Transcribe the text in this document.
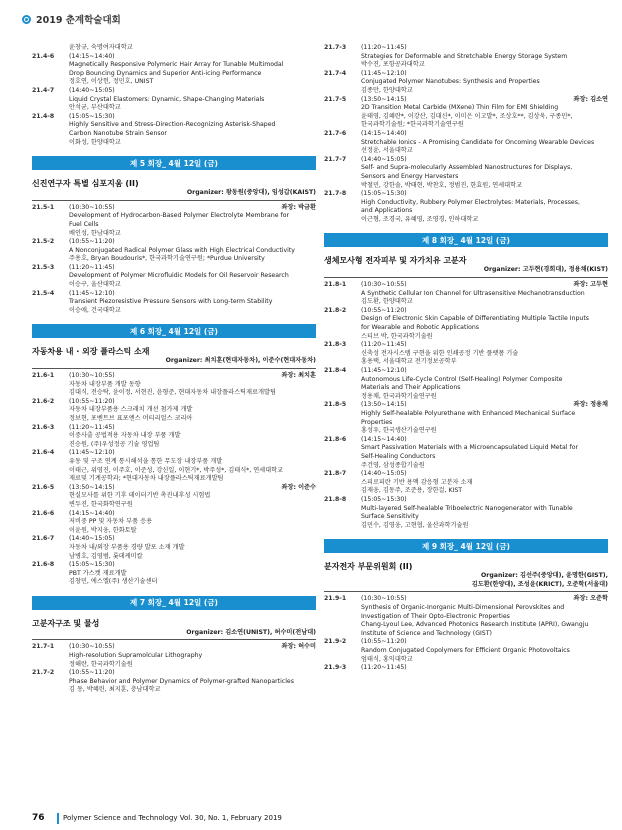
2019 춘계학술대회
윤창규, 숙명여자대학교
21.4-6	(14:15~14:40)
Magnetically Responsive Polymeric Hair Array for Tunable Multimodal
Drop Bouncing Dynamics and Superior Anti-icing Performance
정호연, 이상헌, 정민호, UNIST
21.4-7	(14:40~15:05)
Liquid Crystal Elastomers: Dynamic, Shape-Changing Materials
안석균, 부산대학교
21.4-8	(15:05~15:30)
Highly Sensitive and Stress-Direction-Recognizing Asterisk-Shaped
Carbon Nanotube Strain Sensor
이화성, 한양대학교
제 5 회장_ 4월 12일 (금)
신진연구자 특별 심포지움 (II)
Organizer: 왕동원(중앙대), 임성갑(KAIST)
21.5-1	(10:30~10:55)	좌장: 박금환
Development of Hydrocarbon-Based Polymer Electrolyte Membrane for
Fuel Cells
배인성, 한남대학교
21.5-2	(10:55~11:20)
A Nonconjugated Radical Polymer Glass with High Electrical Conductivity
주용호, Bryan Boudouris*, 한국과학기술연구원; *Purdue University
21.5-3	(11:20~11:45)
Development of Polymer Microfluidic Models for Oil Reservoir Research
이승구, 울산대학교
21.5-4	(11:45~12:10)
Transient Piezoresistive Pressure Sensors with Long-term Stability
이승애, 건국대학교
제 6 회장_ 4월 12일 (금)
자동차용 내 · 외장 플라스틱 소재
Organizer: 최치훈(현대자동차), 이준수(현대자동차)
21.6-1	(10:30~10:55)	좌장: 최치훈
자동차 내장부품 개발 동향
김대식, 전승탁, 윤이정, 서현진, 윤형준, 현대자동차 내장플라스틱재료개발팀
21.6-2	(10:55~11:20)
자동차 내장부품용 스크래치 개선 첨가제 개발
정보현, 포벤트브 표포엔스 머티리얼스 코리아
21.6-3	(11:20~11:45)
이중사출 공법적용 자동차 내장 부품 개발
진승원, (주)우성정공 기술 영업팀
21.6-4	(11:45~12:10)
유동 및 구조 연계 통시해석을 통한 무도장 내장부품 개발
이태근, 위영진, 이주호, 이준성, 강신일, 이현기*, 박주성*, 김태식*, 연세대학교
재료및 기계공학과; *현대자동차 내장플라스틱재료개발팀
21.6-5	(13:50~14:15)	좌장: 이준수
현실모사를 위한 기후 데이터기반 촉진내후성 시험법
변두진, 한국화학연구원
21.6-6	(14:15~14:40)
저비중 PP 및 자동차 부품 응용
이윤원, 박지웅, 한화토탈
21.6-7	(14:40~15:05)
자동차 내/외장 부품용 경량 발포 소재 개발
남병호, 김영범, 롯데케미칼
21.6-8	(15:05~15:30)
PBT 가스켓 재료개발
김창민, 에스엘(주) 생산기술센터
제 7 회장_ 4월 12일 (금)
고분자구조 및 물성
Organizer: 김소연(UNIST), 허수미(전남대)
21.7-1	(10:30~10:55)	좌장: 허수미
High-resolution Supramolcular Lithography
정해란, 한국과학기술원
21.7-2	(10:55~11:20)
Phase Behavior and Polymer Dynamics of Polymer-grafted Nanoparticles
김 동, 박혜린, 최지훈, 충남대학교
21.7-3	(11:20~11:45)
Strategies for Deformable and Stretchable Energy Storage System
박수진, 포항공과대학교
21.7-4	(11:45~12:10)
Conjugated Polymer Nanotubes: Synthesis and Properties
김종만, 한양대학교
21.7-5	(13:50~14:15)	좌장: 김소연
2D Transition Metal Carbide (MXene) Thin Film for EMI Shielding
윤태영, 김혜란*, 이강산, 김대신*, 이미은 이고발*, 조상호**, 김상욱, 구종민*,
한국과학기술원; *한국과학기술연구원
21.7-6	(14:15~14:40)
Stretchable Ionics - A Promising Candidate for Oncoming Wearable Devices
선정윤, 서울대학교
21.7-7	(14:40~15:05)
Self- and Supra-molecularly Assembled Nanostructures for Displays,
Sensors and Energy Harvesters
박철민, 강한솔, 박태현, 박찬호, 정범진, 한효원, 연세대학교
21.7-8	(15:05~15:30)
High Conductivity, Rubbery Polymer Electrolytes: Materials, Processes,
and Applications
이근형, 조경국, 유혜영, 조영경, 인하대학교
제 8 회장_ 4월 12일 (금)
생체모사형 전자피부 및 자가치유 고분자
Organizer: 고두현(경희대), 정용채(KIST)
21.8-1	(10:30~10:55)	좌장: 고두현
A Synthetic Cellular Ion Channel for Ultrasensitive Mechanotransduction
김도환, 한양대학교
21.8-2	(10:55~11:20)
Design of Electronic Skin Capable of Differentiating Multiple Tactile Inputs
for Wearable and Robotic Applications
스티브 박, 한국과학기술원
21.8-3	(11:20~11:45)
신축성 전자시스템 구현을 위한 인쇄공정 기반 플랫폼 기술
홍용택, 서울대학교 전기정보공학부
21.8-4	(11:45~12:10)
Autonomous Life-Cycle Control (Self-Healing) Polymer Composite
Materials and Their Applications
정용채, 한국과학기술연구원
21.8-5	(13:50~14:15)	좌장: 정용채
Highly Self-healable Polyurethane with Enhanced Mechanical Surface
Properties
홍성우, 한국생산기술연구원
21.8-6	(14:15~14:40)
Smart Passivation Materials with a Microencapsulated Liquid Metal for
Self-Healing Conductors
주건영, 삼성종합기술원
21.8-7	(14:40~15:05)
스피로피란 기반 용액 감응형 고분자 소재
김재웅, 김동주, 조준용, 장한걸, KIST
21.8-8	(15:05~15:30)
Multi-layered Self-healable Triboelectric Nanogenerator with Tunable
Surface Sensitivity
김민수, 김영웅, 고현협, 울산과학기술원
제 9 회장_ 4월 12일 (금)
분자전자 부문위원회 (II)
Organizer: 김선주(중앙대), 윤명한(GIST),
김도환(한양대), 조성윤(KRICT), 오준학(서울대)
21.9-1	(10:30~10:55)	좌장: 오준학
Synthesis of Organic-Inorganic Multi-Dimensional Perovskites and
Investigation of Their Opto-Electronic Properties
Chang-Lyoul Lee, Advanced Photonics Research Institute (APRI), Gwangju
Institute of Science and Technology (GIST)
21.9-2	(10:55~11:20)
Random Conjugated Copolymers for Efficient Organic Photovoltaics
엄태식, 홍익대학교
21.9-3	(11:20~11:45)
76	Polymer Science and Technology Vol. 30, No. 1, February 2019
